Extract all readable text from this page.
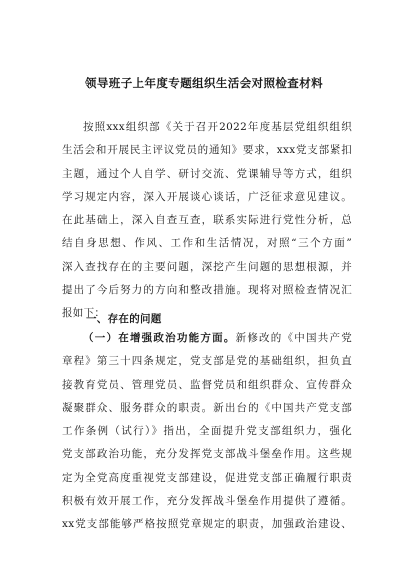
领导班子上年度专题组织生活会对照检查材料
按照xxx组织部《关于召开2022年度基层党组织组织
生活会和开展民主评议党员的通知》要求，xxx党支部紧扣
主题，通过个人自学、研讨交流、党课辅导等方式，组织
学习规定内容，深入开展谈心谈话，广泛征求意见建议。
在此基础上，深入自查互查，联系实际进行党性分析，总
结自身思想、作风、工作和生活情况，对照“三个方面”
深入查找存在的主要问题，深挖产生问题的思想根源，并
提出了今后努力的方向和整改措施。现将对照检查情况汇
报如下：
一、存在的问题
（一）在增强政治功能方面。新修改的《中国共产党
章程》第三十四条规定，党支部是党的基础组织，担负直
接教育党员、管理党员、监督党员和组织群众、宣传群众
凝聚群众、服务群众的职责。新出台的《中国共产党支部
工作条例（试行）》指出，全面提升党支部组织力，强化
党支部政治功能，充分发挥党支部战斗堡垒作用。这些规
定为全党高度重视党支部建设，促进党支部正确履行职责
积极有效开展工作，充分发挥战斗堡垒作用提供了遵循。
xx党支部能够严格按照党章规定的职责，加强政治建设、
